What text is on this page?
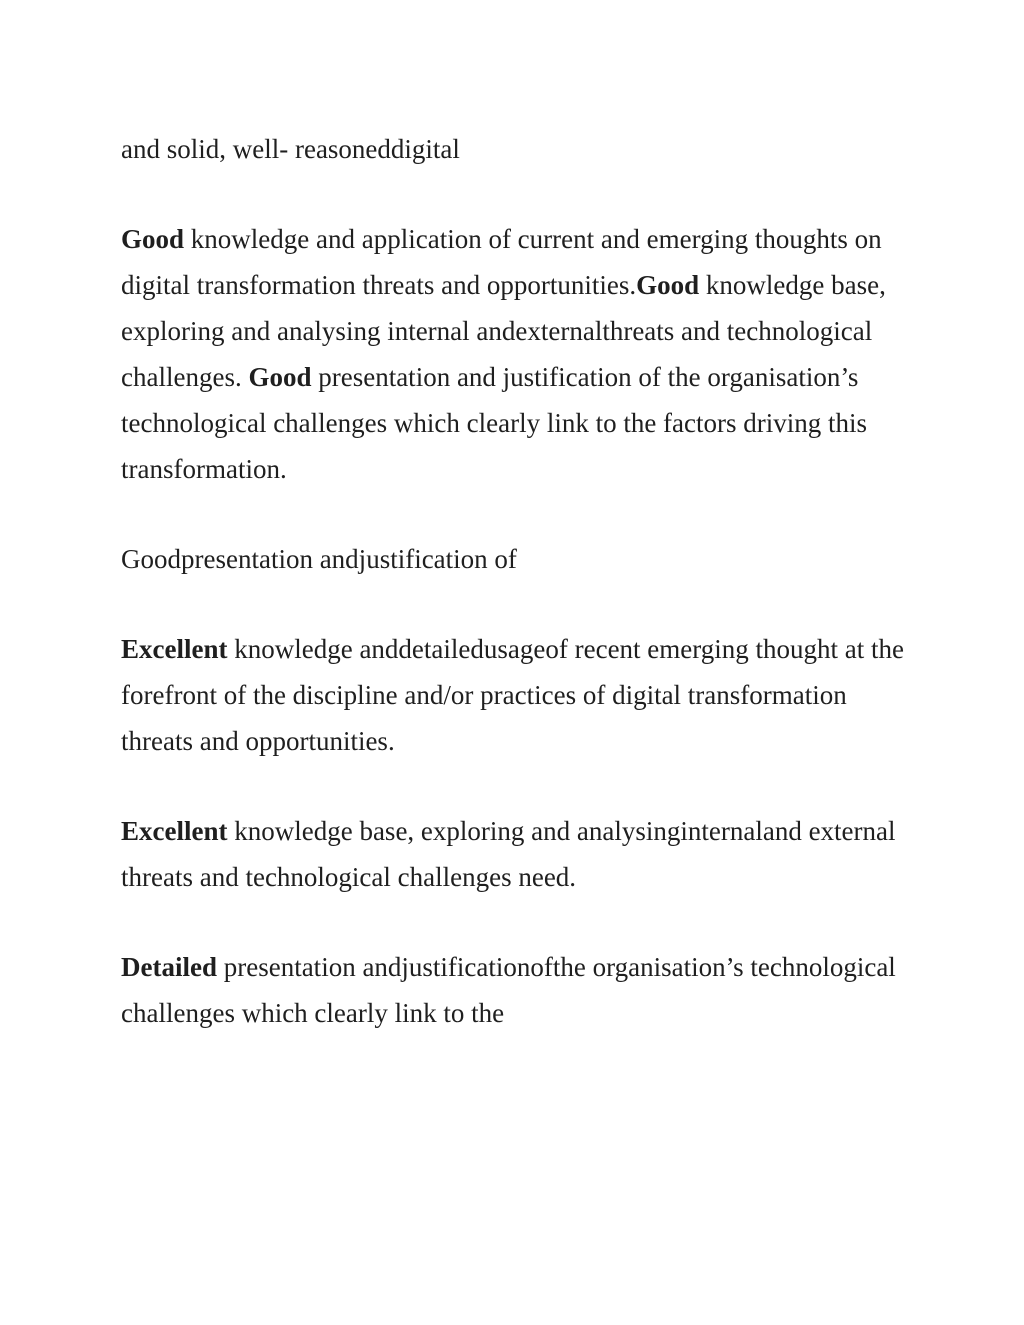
and solid, well- reasoneddigital

Good knowledge and application of current and emerging thoughts on digital transformation threats and opportunities.Good knowledge base, exploring and analysing internal andexternalthreats and technological challenges. Good presentation and justification of the organisation’s technological challenges which clearly link to the factors driving this transformation.

Goodpresentation andjustification of

Excellent knowledge anddetailedusageof recent emerging thought at the forefront of the discipline and/or practices of digital transformation threats and opportunities.

Excellent knowledge base, exploring and analysinginternaland external threats and technological challenges need.

Detailed presentation andjustificationofthe organisation’s technological challenges which clearly link to the
